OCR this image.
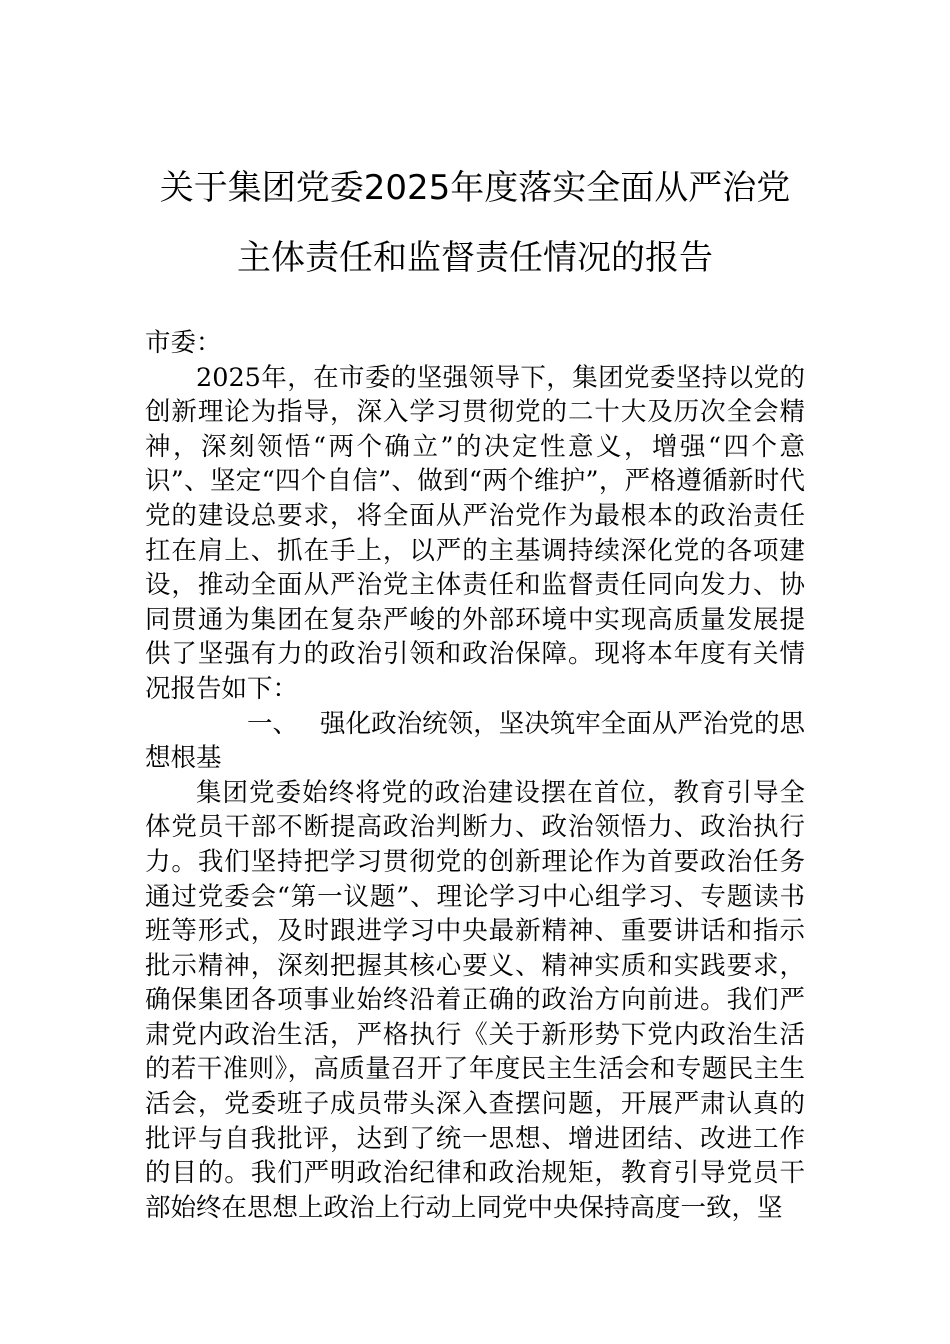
关于集团党委2025年度落实全面从严治党
主体责任和监督责任情况的报告

市委：

2025年，在市委的坚强领导下，集团党委坚持以党的创新理论为指导，深入学习贯彻党的二十大及历次全会精神，深刻领悟“两个确立”的决定性意义，增强“四个意识”、坚定“四个自信”、做到“两个维护”，严格遵循新时代党的建设总要求，将全面从严治党作为最根本的政治责任扛在肩上、抓在手上，以严的主基调持续深化党的各项建设，推动全面从严治党主体责任和监督责任同向发力、协同贯通为集团在复杂严峻的外部环境中实现高质量发展提供了坚强有力的政治引领和政治保障。现将本年度有关情况报告如下：

一、 强化政治统领，坚决筑牢全面从严治党的思想根基

集团党委始终将党的政治建设摆在首位，教育引导全体党员干部不断提高政治判断力、政治领悟力、政治执行力。我们坚持把学习贯彻党的创新理论作为首要政治任务通过党委会“第一议题”、理论学习中心组学习、专题读书班等形式，及时跟进学习中央最新精神、重要讲话和指示批示精神，深刻把握其核心要义、精神实质和实践要求，确保集团各项事业始终沿着正确的政治方向前进。我们严肃党内政治生活，严格执行《关于新形势下党内政治生活的若干准则》，高质量召开了年度民主生活会和专题民主生活会，党委班子成员带头深入查摆问题，开展严肃认真的批评与自我批评，达到了统一思想、增进团结、改进工作的目的。我们严明政治纪律和政治规矩，教育引导党员干部始终在思想上政治上行动上同党中央保持高度一致，坚
